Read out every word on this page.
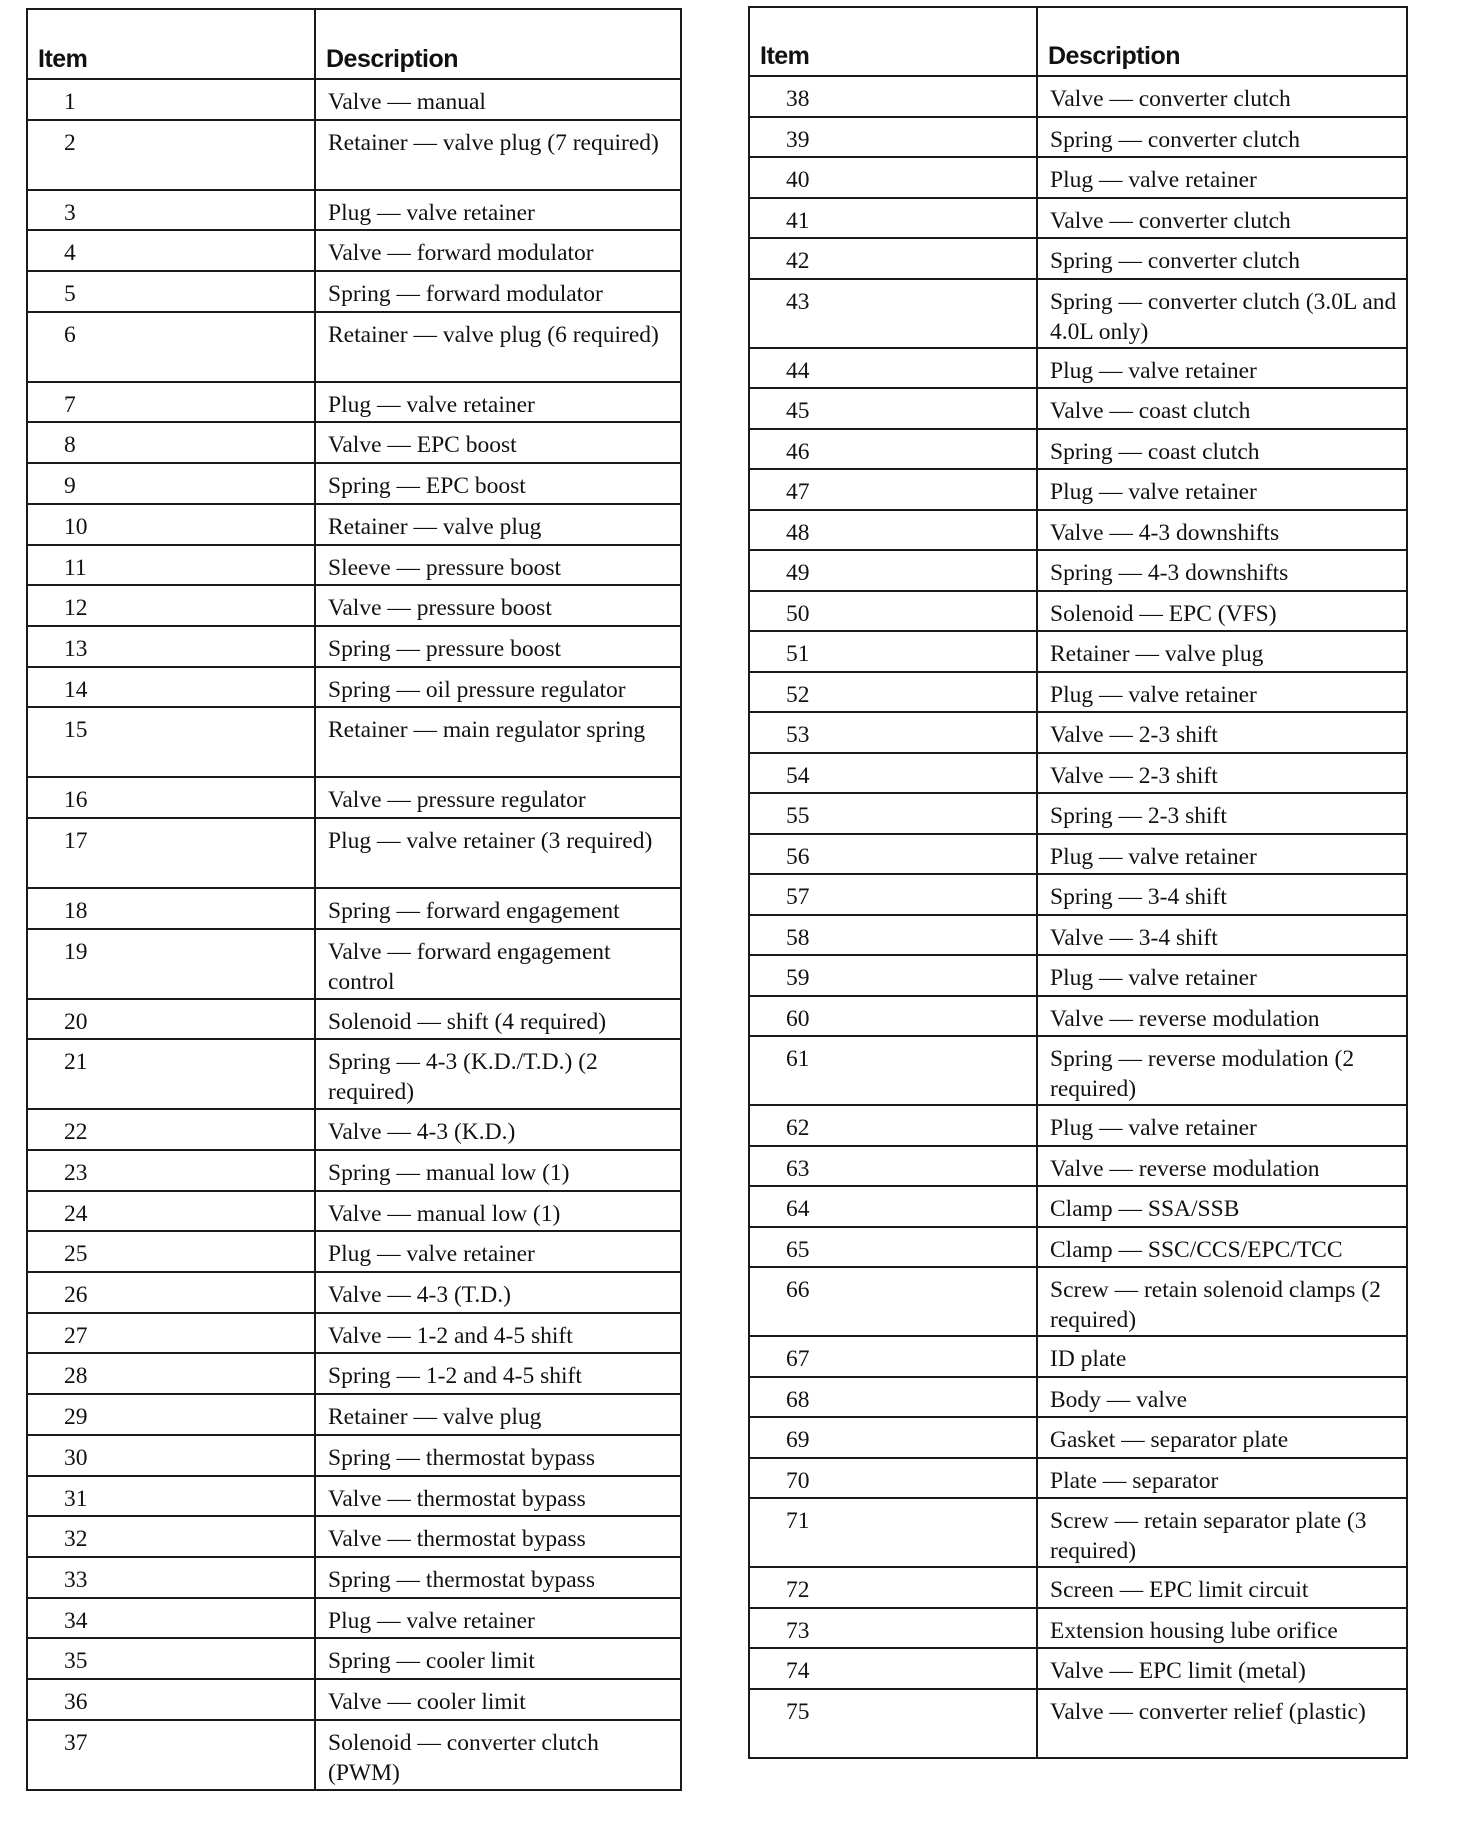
Item	Description
1	Valve — manual
2	Retainer — valve plug (7 required)
3	Plug — valve retainer
4	Valve — forward modulator
5	Spring — forward modulator
6	Retainer — valve plug (6 required)
7	Plug — valve retainer
8	Valve — EPC boost
9	Spring — EPC boost
10	Retainer — valve plug
11	Sleeve — pressure boost
12	Valve — pressure boost
13	Spring — pressure boost
14	Spring — oil pressure regulator
15	Retainer — main regulator spring
16	Valve — pressure regulator
17	Plug — valve retainer (3 required)
18	Spring — forward engagement
19	Valve — forward engagement control
20	Solenoid — shift (4 required)
21	Spring — 4-3 (K.D./T.D.) (2 required)
22	Valve — 4-3 (K.D.)
23	Spring — manual low (1)
24	Valve — manual low (1)
25	Plug — valve retainer
26	Valve — 4-3 (T.D.)
27	Valve — 1-2 and 4-5 shift
28	Spring — 1-2 and 4-5 shift
29	Retainer — valve plug
30	Spring — thermostat bypass
31	Valve — thermostat bypass
32	Valve — thermostat bypass
33	Spring — thermostat bypass
34	Plug — valve retainer
35	Spring — cooler limit
36	Valve — cooler limit
37	Solenoid — converter clutch (PWM)
Item	Description
38	Valve — converter clutch
39	Spring — converter clutch
40	Plug — valve retainer
41	Valve — converter clutch
42	Spring — converter clutch
43	Spring — converter clutch (3.0L and 4.0L only)
44	Plug — valve retainer
45	Valve — coast clutch
46	Spring — coast clutch
47	Plug — valve retainer
48	Valve — 4-3 downshifts
49	Spring — 4-3 downshifts
50	Solenoid — EPC (VFS)
51	Retainer — valve plug
52	Plug — valve retainer
53	Valve — 2-3 shift
54	Valve — 2-3 shift
55	Spring — 2-3 shift
56	Plug — valve retainer
57	Spring — 3-4 shift
58	Valve — 3-4 shift
59	Plug — valve retainer
60	Valve — reverse modulation
61	Spring — reverse modulation (2 required)
62	Plug — valve retainer
63	Valve — reverse modulation
64	Clamp — SSA/SSB
65	Clamp — SSC/CCS/EPC/TCC
66	Screw — retain solenoid clamps (2 required)
67	ID plate
68	Body — valve
69	Gasket — separator plate
70	Plate — separator
71	Screw — retain separator plate (3 required)
72	Screen — EPC limit circuit
73	Extension housing lube orifice
74	Valve — EPC limit (metal)
75	Valve — converter relief (plastic)
